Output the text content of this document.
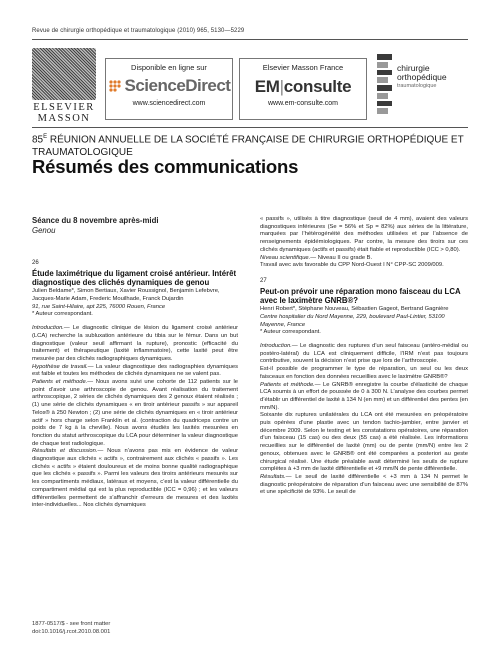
Revue de chirurgie orthopédique et traumatologique (2010) 965, 5130—5229
ELSEVIER
MASSON
Disponible en ligne sur
ScienceDirect
www.sciencedirect.com
Elsevier Masson France
EM|consulte
www.em-consulte.com
chirurgie
orthopédique
traumatologique
$85^E$ RÉUNION ANNUELLE DE LA SOCIÉTÉ FRANÇAISE DE CHIRURGIE ORTHOPÉDIQUE ET TRAUMATOLOGIQUE
Résumés des communications
Séance du 8 novembre après-midi
Genou
26
Étude laximétrique du ligament croisé antérieur. Intérêt diagnostique des clichés dynamiques de genou
Julien Beldame*, Simon Bertiaux, Xavier Roussignol, Benjamin Lefebvre, Jacques-Marie Adam, Frederic Mouilhade, Franck Dujardin
91, rue Saint-Hilaire, apt 225, 76000 Rouen, France
* Auteur correspondant.

Introduction.— Le diagnostic clinique de lésion du ligament croisé antérieur (LCA) recherche la subluxation antérieure du tibia sur le fémur. Dans un but diagnostique (valeur seuil affirmant la rupture), pronostic (efficacité du traitement) et thérapeutique (laxité inflammatoire), cette laxité peut être mesurée par des clichés radiographiques dynamiques.

Hypothèse de travail.— La valeur diagnostique des radiographies dynamiques est faible et toutes les méthodes de clichés dynamiques ne se valent pas.

Patients et méthode.— Nous avons suivi une cohorte de 112 patients sur le point d’avoir une arthroscopie de genou. Avant réalisation du traitement arthroscopique, 2 séries de clichés dynamiques des 2 genoux étaient réalisés ; (1) une série de clichés dynamiques « en tiroir antérieur passifs » sur appareil Telos® à 250 Newton ; (2) une série de clichés dynamiques en « tiroir antérieur actif » hors charge selon Franklin et al. (contraction du quadriceps contre un poids de 7 kg à la cheville). Nous avons étudiés les laxités mesurées en fonction du statut arthroscopique du LCA pour déterminer la valeur diagnostique de chaque test radiologique.

Résultats et discussion.— Nous n’avons pas mis en évidence de valeur diagnostique aux clichés « actifs », contrairement aux clichés « passifs ». Les clichés « actifs » étaient douloureux et de moins bonne qualité radiographique que les clichés « passifs ». Parmi les valeurs des tiroirs antérieurs mesurés sur les compartiments médiaux, latéraux et moyens, c’est la valeur différentielle du compartiment médial qui est la plus reproductible (ICC = 0,96) ; et les valeurs différentielles permettent de s’affranchir d’erreurs de mesures et des laxités inter-individuelles... Nos clichés dynamiques

« passifs », utilisés à titre diagnostique (seuil de 4 mm), avaient des valeurs diagnostiques inférieures (Se = 56% et Sp = 82%) aux séries de la littérature, marquées par l’hétérogénéité des méthodes utilisées et par l’absence de renseignements épidémiologiques. Par contre, la mesure des tiroirs sur ces clichés dynamiques (actifs et passifs) était fiable et reproductible (ICC > 0,80).

Niveau scientifique.— Niveau II ou grade B.

Travail avec avis favorable du CPP Nord-Ouest I N° CPP-SC 2009/009.

27
Peut-on prévoir une réparation mono faisceau du LCA avec le laximètre GNRB®?
Henri Robert*, Stéphane Nouveau, Sébastien Gageot, Bertrand Gagnière
Centre hospitalier du Nord Mayenne, 229, boulevard Paul-Lintier, 53100 Mayenne, France
* Auteur correspondant.

Introduction.— Le diagnostic des ruptures d’un seul faisceau (antéro-médial ou postéro-latéral) du LCA est cliniquement difficile, l’IRM n’est pas toujours contributive, souvent la décision n’est prise que lors de l’arthroscopie.

Est-il possible de programmer le type de réparation, un seul ou les deux faisceaux en fonction des données recueillies avec le laximètre GNRB®?

Patients et méthode.— Le GNRB® enregistre la courbe d’élasticité de chaque LCA soumis à un effort de poussée de 0 à 300 N. L’analyse des courbes permet d’établir un différentiel de laxité à 134 N (en mm) et un différentiel des pentes (en mm/N).

Soixante dix ruptures unilatérales du LCA ont été mesurées en préopératoire puis opérées d’une plastie avec un tendon tachio-jambier, entre janvier et décembre 2009. Selon le testing et les constatations opératoires, une réparation d’un faisceau (15 cas) ou des deux (55 cas) a été réalisée. Les informations recueillies sur le différentiel de laxité (mm) ou de pente (mm/N) entre les 2 genoux, obtenues avec le GNRB® ont été comparées a posteriori au geste chirurgical réalisé. Une étude préalable avait déterminé les seuils de rupture complètes à +3 mm de laxité différentielle et +9 mm/N de pente différentielle.

Résultats.— Le seuil de laxité différentielle < +3 mm à 134 N permet le diagnostic préopératoire de réparation d’un faisceau avec une sensibilité de 87% et une spécificité de 93%. Le seuil de

1877-0517/$ - see front matter
doi:10.1016/j.rcot.2010.08.001
